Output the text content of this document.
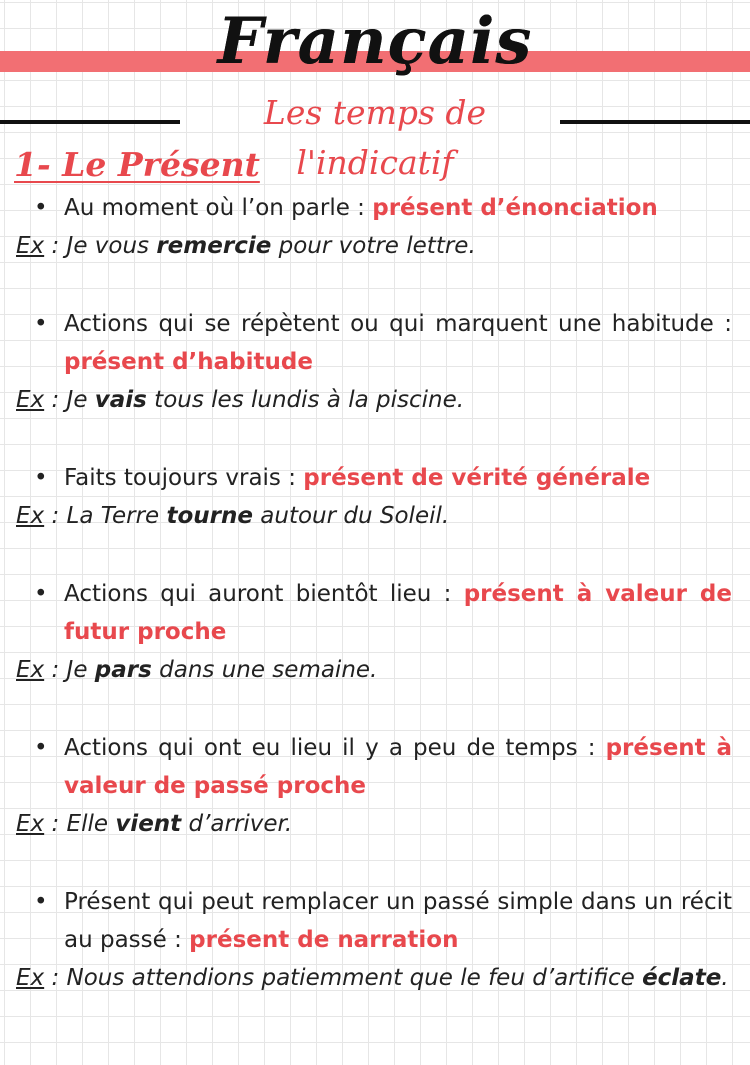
Français
Les temps de l'indicatif
1- Le Présent
• Au moment où l’on parle : présent d’énonciation
Ex : Je vous remercie pour votre lettre.
• Actions qui se répètent ou qui marquent une habitude : présent d’habitude
Ex : Je vais tous les lundis à la piscine.
• Faits toujours vrais : présent de vérité générale
Ex : La Terre tourne autour du Soleil.
• Actions qui auront bientôt lieu : présent à valeur de futur proche
Ex : Je pars dans une semaine.
• Actions qui ont eu lieu il y a peu de temps : présent à valeur de passé proche
Ex : Elle vient d’arriver.
• Présent qui peut remplacer un passé simple dans un récit au passé : présent de narration
Ex : Nous attendions patiemment que le feu d’artifice éclate.
